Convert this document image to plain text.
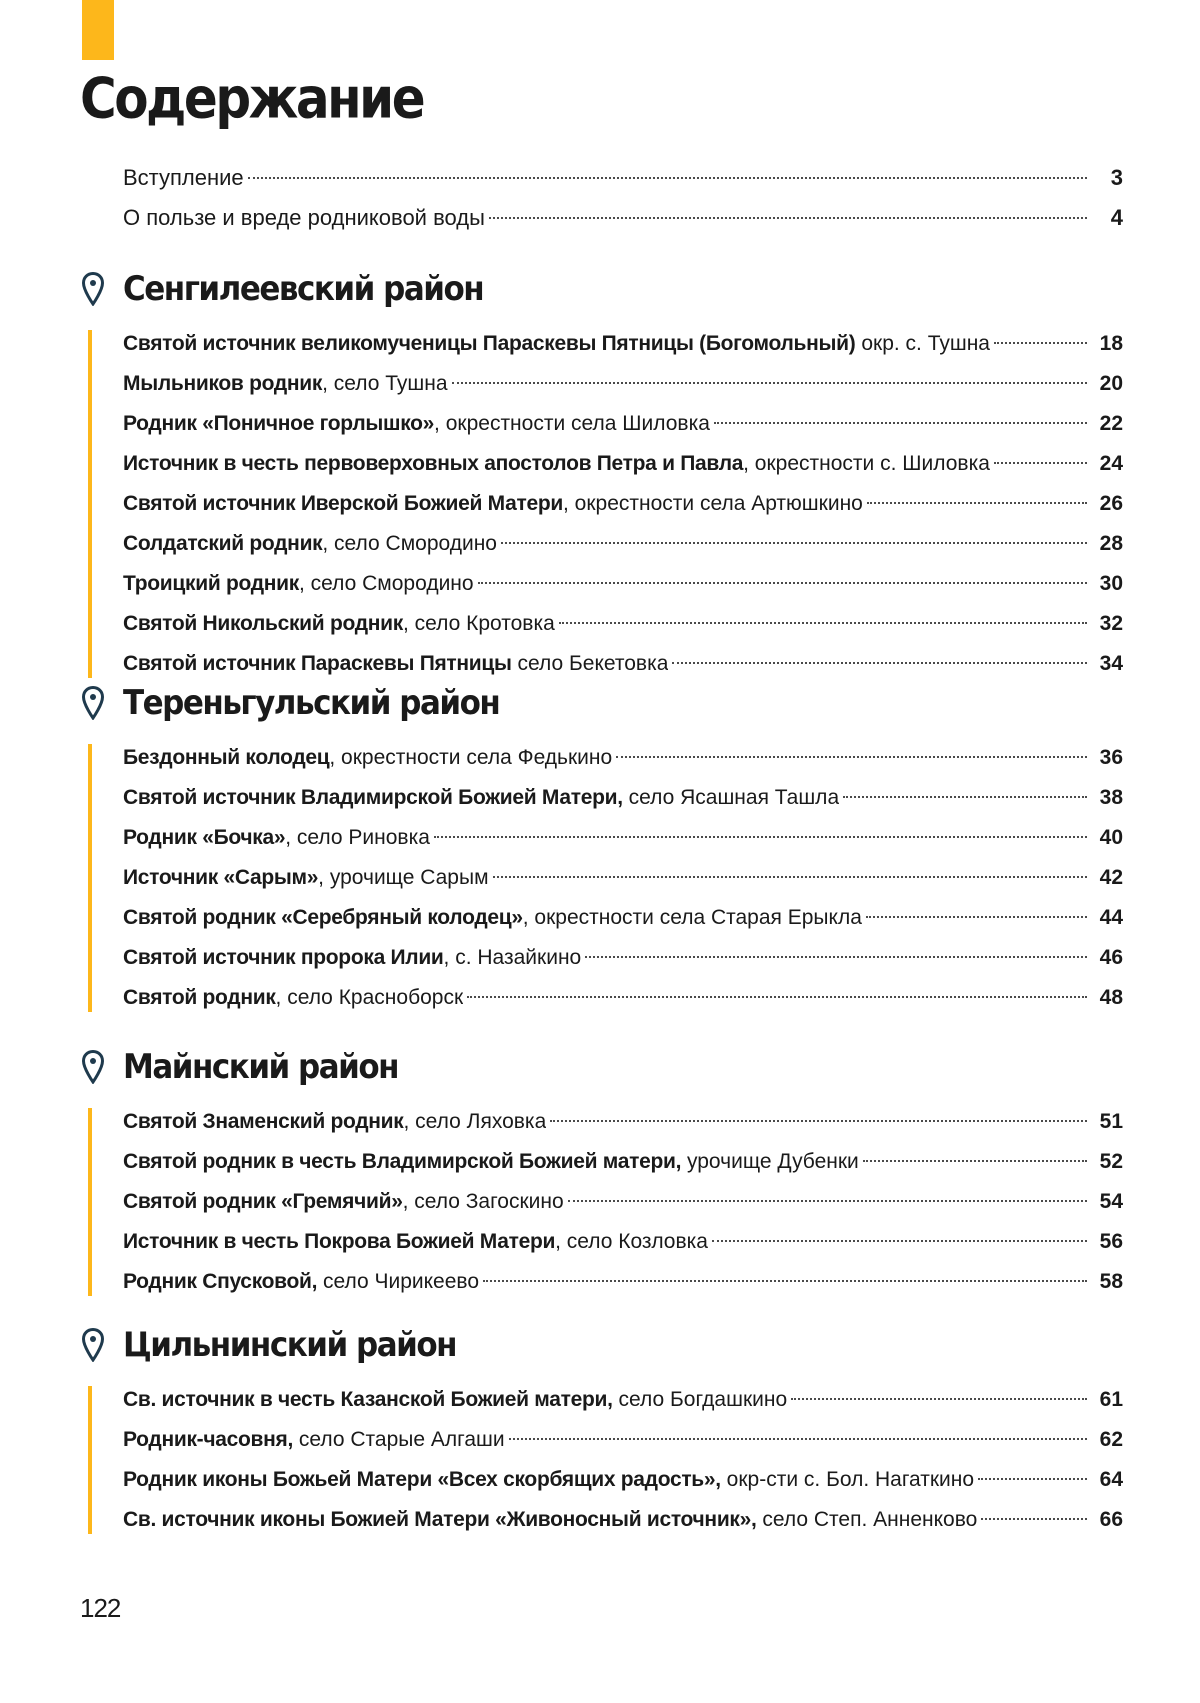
Содержание
Вступление	3
О пользе и вреде родниковой воды	4
Сенгилеевский район
Святой источник великомученицы Параскевы Пятницы (Богомольный) окр. с. Тушна	18
Мыльников родник, село Тушна	20
Родник «Поничное горлышко», окрестности села Шиловка	22
Источник в честь первоверховных апостолов Петра и Павла, окрестности с. Шиловка	24
Святой источник Иверской Божией Матери, окрестности села Артюшкино	26
Солдатский родник, село Смородино	28
Троицкий родник, село Смородино	30
Святой Никольский родник, село Кротовка	32
Святой источник Параскевы Пятницы село Бекетовка	34
Тереньгульский район
Бездонный колодец, окрестности села Федькино	36
Святой источник Владимирской Божией Матери, село Ясашная Ташла	38
Родник «Бочка», село Риновка	40
Источник «Сарым», урочище Сарым	42
Святой родник «Серебряный колодец», окрестности села Старая Ерыкла	44
Святой источник пророка Илии, с. Назайкино	46
Святой родник, село Красноборск	48
Майнский район
Святой Знаменский родник, село Ляховка	51
Святой родник в честь Владимирской Божией матери, урочище Дубенки	52
Святой родник «Гремячий», село Загоскино	54
Источник в честь Покрова Божией Матери, село Козловка	56
Родник Спусковой, село Чирикеево	58
Цильнинский район
Св. источник в честь Казанской Божией матери, село Богдашкино	61
Родник-часовня, село Старые Алгаши	62
Родник иконы Божьей Матери «Всех скорбящих радость», окр-сти с. Бол. Нагаткино	64
Св. источник иконы Божией Матери «Живоносный источник», село Степ. Анненково	66
122
